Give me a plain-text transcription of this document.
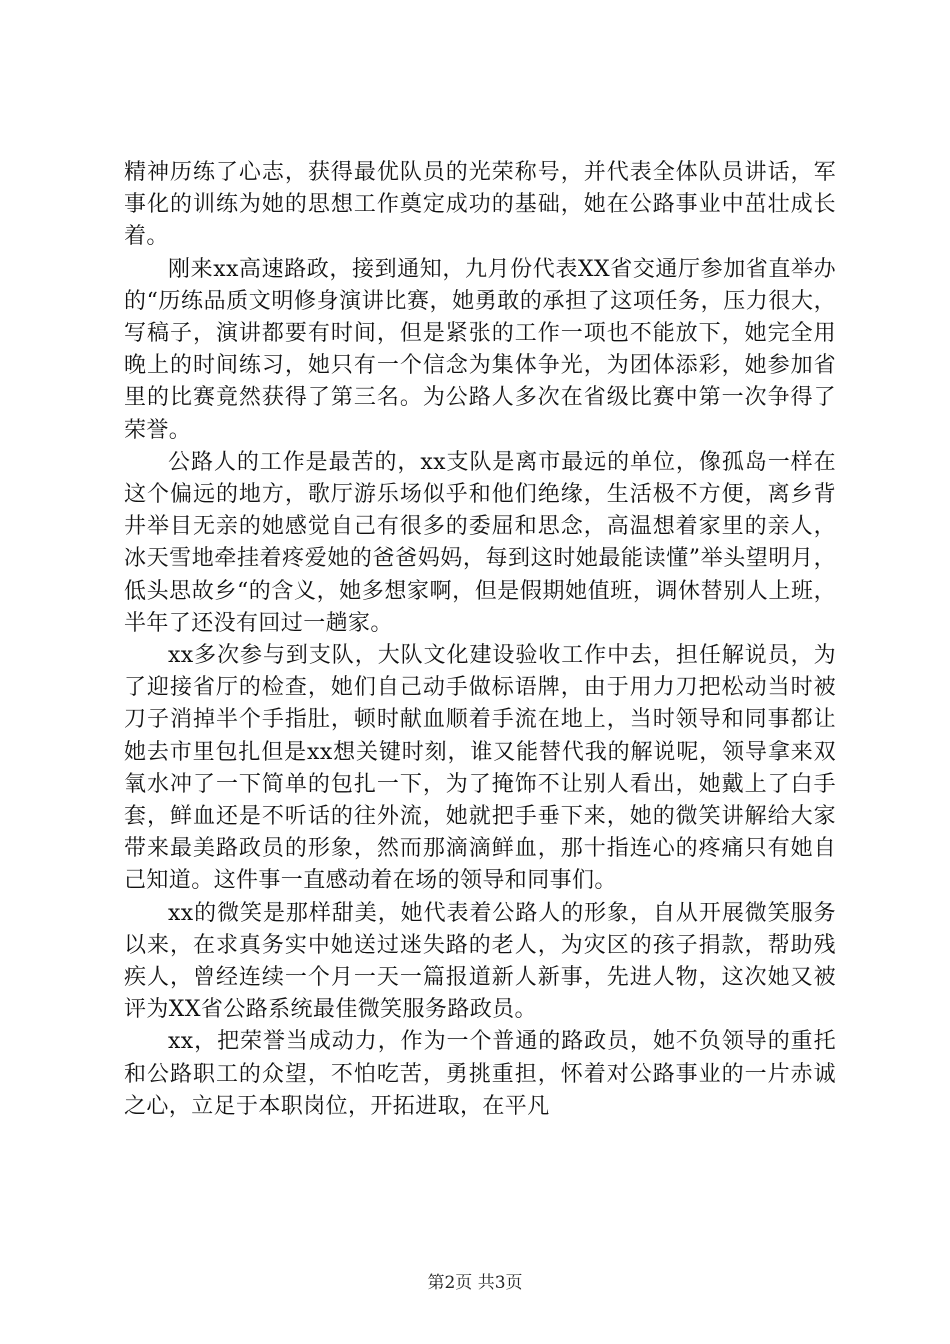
精神历练了心志，获得最优队员的光荣称号，并代表全体队员讲话，军事化的训练为她的思想工作奠定成功的基础，她在公路事业中茁壮成长着。

刚来xx高速路政，接到通知，九月份代表XX省交通厅参加省直举办的“历练品质文明修身演讲比赛，她勇敢的承担了这项任务，压力很大，写稿子，演讲都要有时间，但是紧张的工作一项也不能放下，她完全用晚上的时间练习，她只有一个信念为集体争光，为团体添彩，她参加省里的比赛竟然获得了第三名。为公路人多次在省级比赛中第一次争得了荣誉。

公路人的工作是最苦的，xx支队是离市最远的单位，像孤岛一样在这个偏远的地方，歌厅游乐场似乎和他们绝缘，生活极不方便，离乡背井举目无亲的她感觉自己有很多的委屈和思念，高温想着家里的亲人，冰天雪地牵挂着疼爱她的爸爸妈妈，每到这时她最能读懂”举头望明月，低头思故乡“的含义，她多想家啊，但是假期她值班，调休替别人上班，半年了还没有回过一趟家。

xx多次参与到支队，大队文化建设验收工作中去，担任解说员，为了迎接省厅的检查，她们自己动手做标语牌，由于用力刀把松动当时被刀子消掉半个手指肚，顿时献血顺着手流在地上，当时领导和同事都让她去市里包扎但是xx想关键时刻，谁又能替代我的解说呢，领导拿来双氧水冲了一下简单的包扎一下，为了掩饰不让别人看出，她戴上了白手套，鲜血还是不听话的往外流，她就把手垂下来，她的微笑讲解给大家带来最美路政员的形象，然而那滴滴鲜血，那十指连心的疼痛只有她自己知道。这件事一直感动着在场的领导和同事们。

xx的微笑是那样甜美，她代表着公路人的形象，自从开展微笑服务以来，在求真务实中她送过迷失路的老人，为灾区的孩子捐款，帮助残疾人，曾经连续一个月一天一篇报道新人新事，先进人物，这次她又被评为XX省公路系统最佳微笑服务路政员。

xx，把荣誉当成动力，作为一个普通的路政员，她不负领导的重托和公路职工的众望，不怕吃苦，勇挑重担，怀着对公路事业的一片赤诚之心，立足于本职岗位，开拓进取，在平凡

第2页 共3页
